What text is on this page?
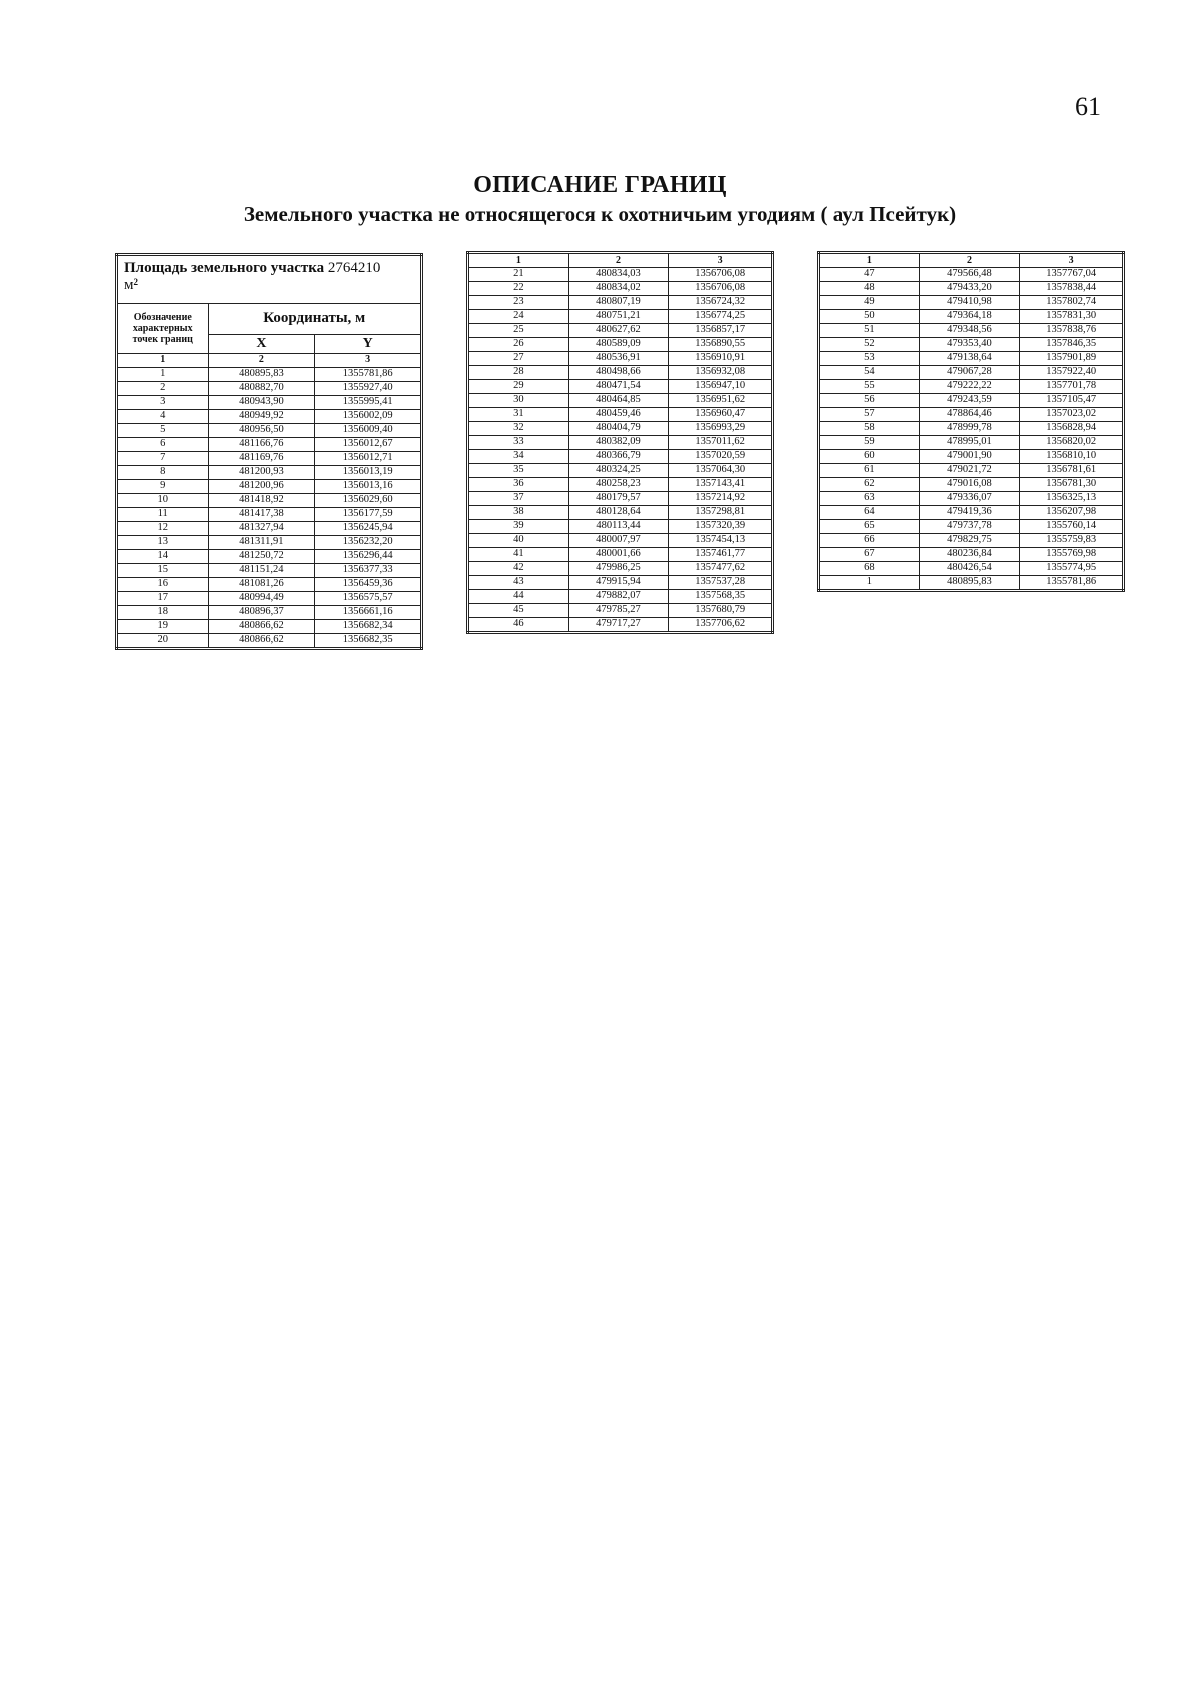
61
ОПИСАНИЕ ГРАНИЦ
Земельного участка не относящегося к охотничьим угодиям ( аул Псейтук)
Площадь земельного участка 2764210
$м^2$
Обозначение характерных точек границ	Координаты, м	
	X	Y
1	2	3
1	480895,83	1355781,86
2	480882,70	1355927,40
3	480943,90	1355995,41
4	480949,92	1356002,09
5	480956,50	1356009,40
6	481166,76	1356012,67
7	481169,76	1356012,71
8	481200,93	1356013,19
9	481200,96	1356013,16
10	481418,92	1356029,60
11	481417,38	1356177,59
12	481327,94	1356245,94
13	481311,91	1356232,20
14	481250,72	1356296,44
15	481151,24	1356377,33
16	481081,26	1356459,36
17	480994,49	1356575,57
18	480896,37	1356661,16
19	480866,62	1356682,34
20	480866,62	1356682,35
1	2	3
21	480834,03	1356706,08
22	480834,02	1356706,08
23	480807,19	1356724,32
24	480751,21	1356774,25
25	480627,62	1356857,17
26	480589,09	1356890,55
27	480536,91	1356910,91
28	480498,66	1356932,08
29	480471,54	1356947,10
30	480464,85	1356951,62
31	480459,46	1356960,47
32	480404,79	1356993,29
33	480382,09	1357011,62
34	480366,79	1357020,59
35	480324,25	1357064,30
36	480258,23	1357143,41
37	480179,57	1357214,92
38	480128,64	1357298,81
39	480113,44	1357320,39
40	480007,97	1357454,13
41	480001,66	1357461,77
42	479986,25	1357477,62
43	479915,94	1357537,28
44	479882,07	1357568,35
45	479785,27	1357680,79
46	479717,27	1357706,62
1	2	3
47	479566,48	1357767,04
48	479433,20	1357838,44
49	479410,98	1357802,74
50	479364,18	1357831,30
51	479348,56	1357838,76
52	479353,40	1357846,35
53	479138,64	1357901,89
54	479067,28	1357922,40
55	479222,22	1357701,78
56	479243,59	1357105,47
57	478864,46	1357023,02
58	478999,78	1356828,94
59	478995,01	1356820,02
60	479001,90	1356810,10
61	479021,72	1356781,61
62	479016,08	1356781,30
63	479336,07	1356325,13
64	479419,36	1356207,98
65	479737,78	1355760,14
66	479829,75	1355759,83
67	480236,84	1355769,98
68	480426,54	1355774,95
1	480895,83	1355781,86
